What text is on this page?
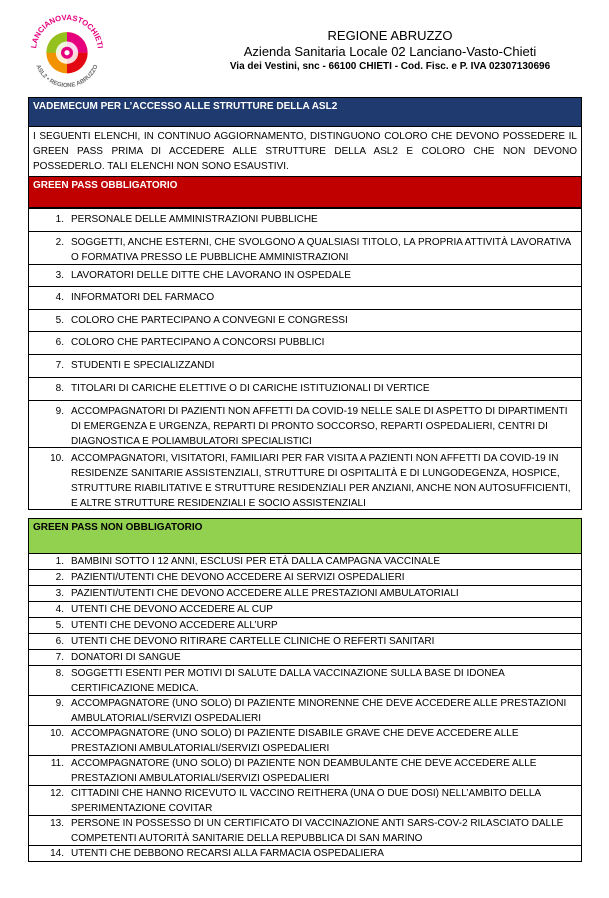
LANCIANOVASTOCHIETI
ASL2 • REGIONE ABRUZZO
REGIONE ABRUZZO
Azienda Sanitaria Locale 02 Lanciano-Vasto-Chieti
Via dei Vestini, snc - 66100 CHIETI - Cod. Fisc. e P. IVA 02307130696
VADEMECUM PER L’ACCESSO ALLE STRUTTURE DELLA ASL2
I SEGUENTI ELENCHI, IN CONTINUO AGGIORNAMENTO, DISTINGUONO COLORO CHE DEVONO POSSEDERE IL GREEN PASS PRIMA DI ACCEDERE ALLE STRUTTURE DELLA ASL2 E COLORO CHE NON DEVONO POSSEDERLO. TALI ELENCHI NON SONO ESAUSTIVI.
GREEN PASS OBBLIGATORIO
1. PERSONALE DELLE AMMINISTRAZIONI PUBBLICHE
2. SOGGETTI, ANCHE ESTERNI, CHE SVOLGONO A QUALSIASI TITOLO, LA PROPRIA ATTIVITÀ LAVORATIVA O FORMATIVA PRESSO LE PUBBLICHE AMMINISTRAZIONI
3. LAVORATORI DELLE DITTE CHE LAVORANO IN OSPEDALE
4. INFORMATORI DEL FARMACO
5. COLORO CHE PARTECIPANO A CONVEGNI E CONGRESSI
6. COLORO CHE PARTECIPANO A CONCORSI PUBBLICI
7. STUDENTI E SPECIALIZZANDI
8. TITOLARI DI CARICHE ELETTIVE O DI CARICHE ISTITUZIONALI DI VERTICE
9. ACCOMPAGNATORI DI PAZIENTI NON AFFETTI DA COVID-19 NELLE SALE DI ASPETTO DI DIPARTIMENTI DI EMERGENZA E URGENZA, REPARTI DI PRONTO SOCCORSO, REPARTI OSPEDALIERI, CENTRI DI DIAGNOSTICA E POLIAMBULATORI SPECIALISTICI
10. ACCOMPAGNATORI, VISITATORI, FAMILIARI PER FAR VISITA A PAZIENTI NON AFFETTI DA COVID-19 IN RESIDENZE SANITARIE ASSISTENZIALI, STRUTTURE DI OSPITALITÀ E DI LUNGODEGENZA, HOSPICE, STRUTTURE RIABILITATIVE E STRUTTURE RESIDENZIALI PER ANZIANI, ANCHE NON AUTOSUFFICIENTI, E ALTRE STRUTTURE RESIDENZIALI E SOCIO ASSISTENZIALI
GREEN PASS NON OBBLIGATORIO
1. BAMBINI SOTTO I 12 ANNI, ESCLUSI PER ETÀ DALLA CAMPAGNA VACCINALE
2. PAZIENTI/UTENTI CHE DEVONO ACCEDERE AI SERVIZI OSPEDALIERI
3. PAZIENTI/UTENTI CHE DEVONO ACCEDERE ALLE PRESTAZIONI AMBULATORIALI
4. UTENTI CHE DEVONO ACCEDERE AL CUP
5. UTENTI CHE DEVONO ACCEDERE ALL’URP
6. UTENTI CHE DEVONO RITIRARE CARTELLE CLINICHE O REFERTI SANITARI
7. DONATORI DI SANGUE
8. SOGGETTI ESENTI PER MOTIVI DI SALUTE DALLA VACCINAZIONE SULLA BASE DI IDONEA CERTIFICAZIONE MEDICA.
9. ACCOMPAGNATORE (UNO SOLO) DI PAZIENTE MINORENNE CHE DEVE ACCEDERE ALLE PRESTAZIONI AMBULATORIALI/SERVIZI OSPEDALIERI
10. ACCOMPAGNATORE (UNO SOLO) DI PAZIENTE DISABILE GRAVE CHE DEVE ACCEDERE ALLE PRESTAZIONI AMBULATORIALI/SERVIZI OSPEDALIERI
11. ACCOMPAGNATORE (UNO SOLO) DI PAZIENTE NON DEAMBULANTE CHE DEVE ACCEDERE ALLE PRESTAZIONI AMBULATORIALI/SERVIZI OSPEDALIERI
12. CITTADINI CHE HANNO RICEVUTO IL VACCINO REITHERA (UNA O DUE DOSI) NELL’AMBITO DELLA SPERIMENTAZIONE COVITAR
13. PERSONE IN POSSESSO DI UN CERTIFICATO DI VACCINAZIONE ANTI SARS-COV-2 RILASCIATO DALLE COMPETENTI AUTORITÀ SANITARIE DELLA REPUBBLICA DI SAN MARINO
14. UTENTI CHE DEBBONO RECARSI ALLA FARMACIA OSPEDALIERA
